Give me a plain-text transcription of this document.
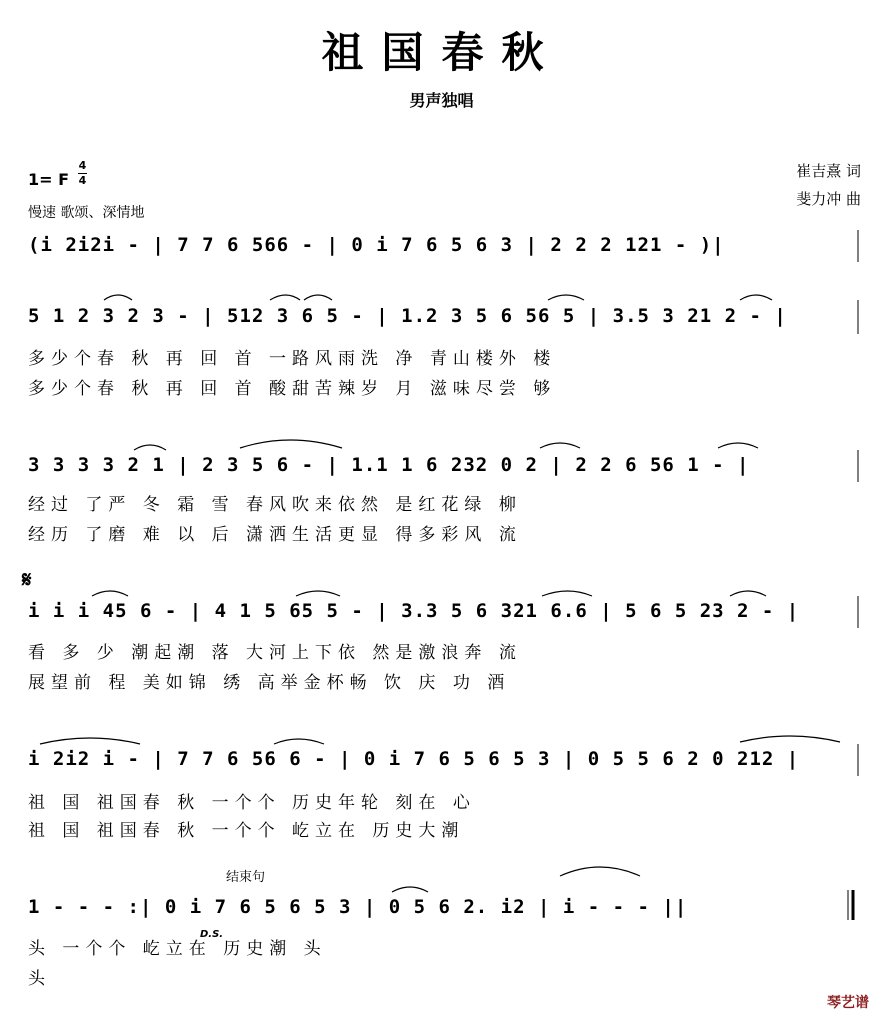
祖国春秋
男声独唱
1= F
4
4
慢速 歌颂、深情地
崔吉熹 词
斐力冲 曲
(i 2i2i - | 7 7 6 566 - | 0 i 7 6 5 6 3 | 2 2 2 121 - )|
5 1 2 3 2 3 - | 512 3 6 5 - | 1.2 3 5 6 56 5 | 3.5 3 21 2 - |
多少个春 秋 再 回 首 一路风雨洗 净 青山楼外 楼
多少个春 秋 再 回 首 酸甜苦辣岁 月 滋味尽尝 够
3 3 3 3 2 1 | 2 3 5 6 - | 1.1 1 6 232 0 2 | 2 2 6 56 1 - |
经过 了严 冬 霜 雪 春风吹来依然 是红花绿 柳
经历 了磨 难 以 后 潇洒生活更显 得多彩风 流
𝄋
i i i 45 6 - | 4 1 5 65 5 - | 3.3 5 6 321 6.6 | 5 6 5 23 2 - |
看 多 少 潮起潮 落 大河上下依 然是激浪奔 流
展望前 程 美如锦 绣 高举金杯畅 饮 庆 功 酒
i 2i2 i - | 7 7 6 56 6 - | 0 i 7 6 5 6 5 3 | 0 5 5 6 2 0 212 |
祖 国 祖国春 秋 一个个 历史年轮 刻在 心
祖 国 祖国春 秋 一个个 屹立在 历史大潮
结束句
1 - - - :| 0 i 7 6 5 6 5 3 | 0 5 6 2. i2 | i - - - ||
D.S.
头 一个个 屹立在 历史潮 头
头
琴艺谱
